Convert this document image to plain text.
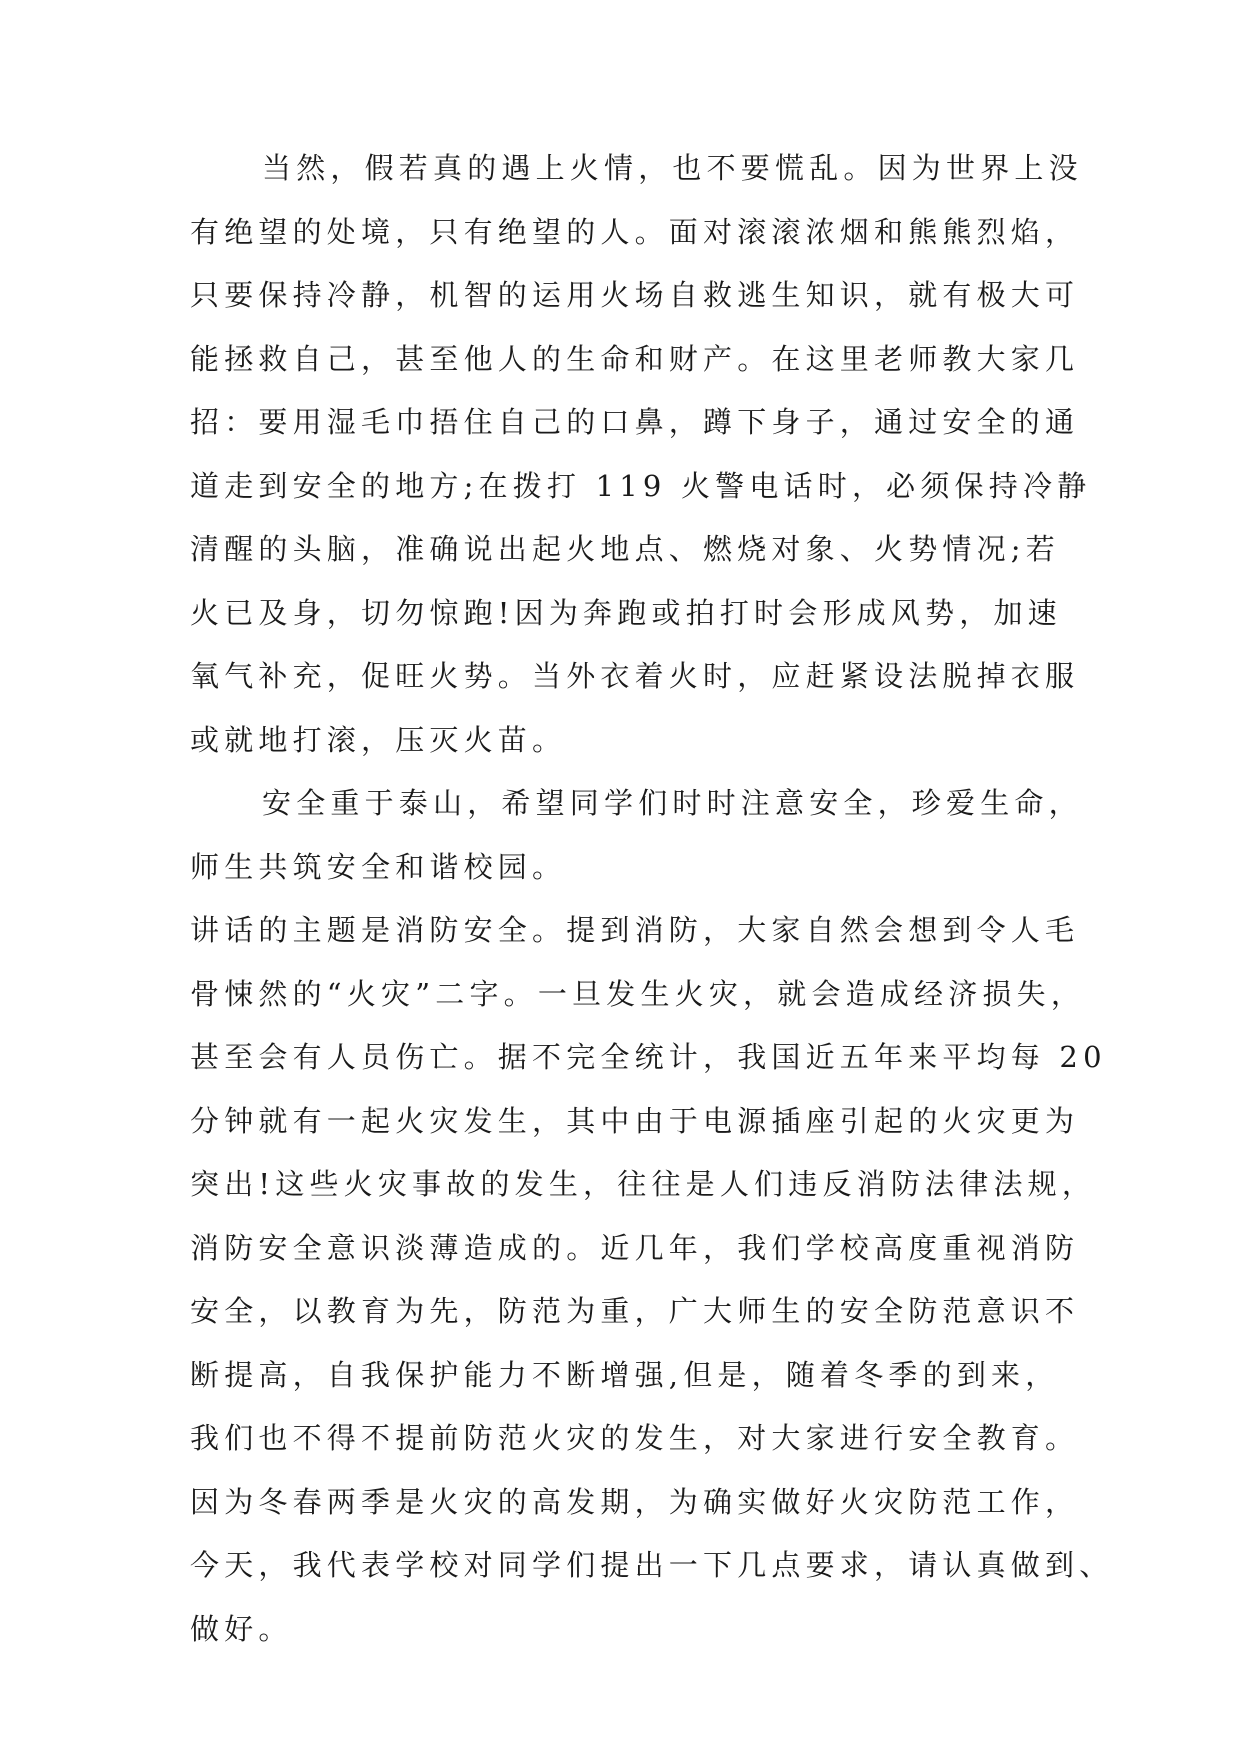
当然，假若真的遇上火情，也不要慌乱。因为世界上没
有绝望的处境，只有绝望的人。面对滚滚浓烟和熊熊烈焰，
只要保持冷静，机智的运用火场自救逃生知识，就有极大可
能拯救自己，甚至他人的生命和财产。在这里老师教大家几
招：要用湿毛巾捂住自己的口鼻，蹲下身子，通过安全的通
道走到安全的地方;在拨打 119 火警电话时，必须保持冷静
清醒的头脑，准确说出起火地点、燃烧对象、火势情况;若
火已及身，切勿惊跑!因为奔跑或拍打时会形成风势，加速
氧气补充，促旺火势。当外衣着火时，应赶紧设法脱掉衣服
或就地打滚，压灭火苗。
安全重于泰山，希望同学们时时注意安全，珍爱生命，
师生共筑安全和谐校园。
讲话的主题是消防安全。提到消防，大家自然会想到令人毛
骨悚然的“火灾”二字。一旦发生火灾，就会造成经济损失，
甚至会有人员伤亡。据不完全统计，我国近五年来平均每 20
分钟就有一起火灾发生，其中由于电源插座引起的火灾更为
突出!这些火灾事故的发生，往往是人们违反消防法律法规，
消防安全意识淡薄造成的。近几年，我们学校高度重视消防
安全，以教育为先，防范为重，广大师生的安全防范意识不
断提高，自我保护能力不断增强,但是，随着冬季的到来，
我们也不得不提前防范火灾的发生，对大家进行安全教育。
因为冬春两季是火灾的高发期，为确实做好火灾防范工作，
今天，我代表学校对同学们提出一下几点要求，请认真做到、
做好。
